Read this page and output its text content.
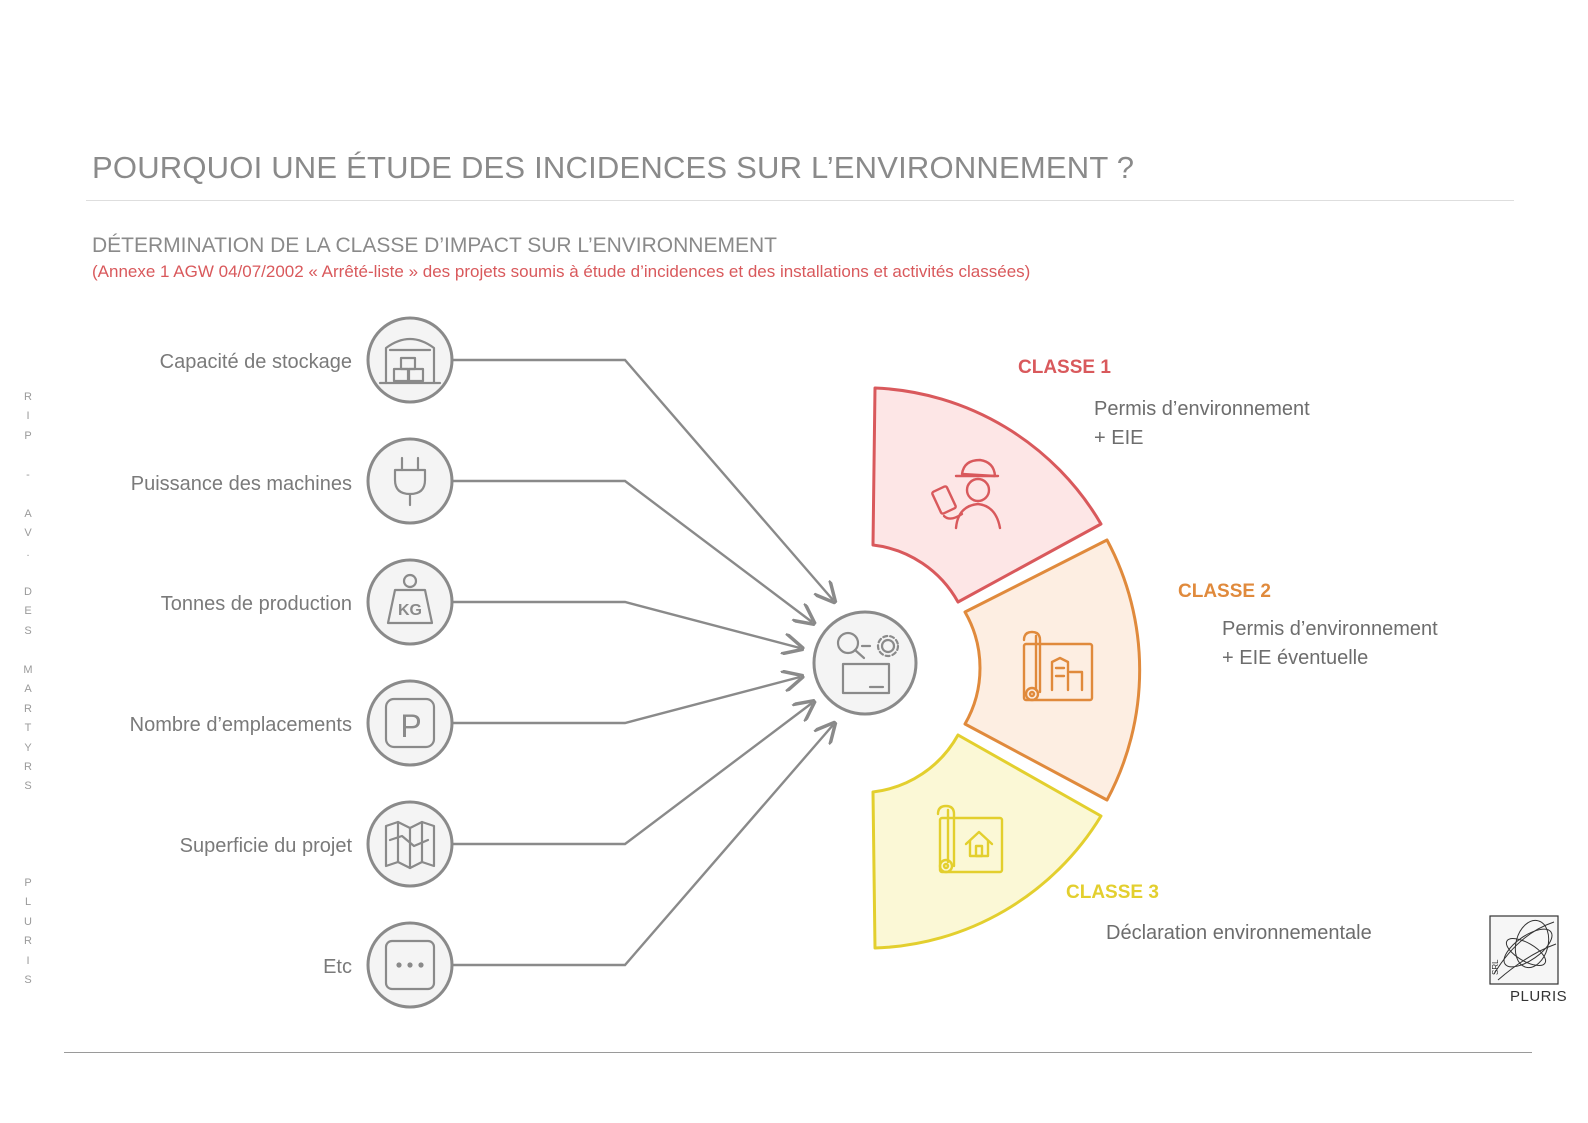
POURQUOI UNE ÉTUDE DES INCIDENCES SUR L’ENVIRONNEMENT ?
DÉTERMINATION DE LA CLASSE D’IMPACT SUR L’ENVIRONNEMENT
(Annexe 1 AGW 04/07/2002 « Arrêté-liste » des projets soumis à étude d’incidences et des installations et activités classées)
R
I
P
-
A
V
.
D
E
S
M
A
R
T
Y
R
S
P
L
U
R
I
S
Capacité de stockage
Puissance des machines
Tonnes de production
Nombre d’emplacements
Superficie du projet
Etc
KG
P
CLASSE 1
CLASSE 2
CLASSE 3
Permis d’environnement
+ EIE
Permis d’environnement
+ EIE éventuelle
Déclaration environnementale
SRL
PLURIS
